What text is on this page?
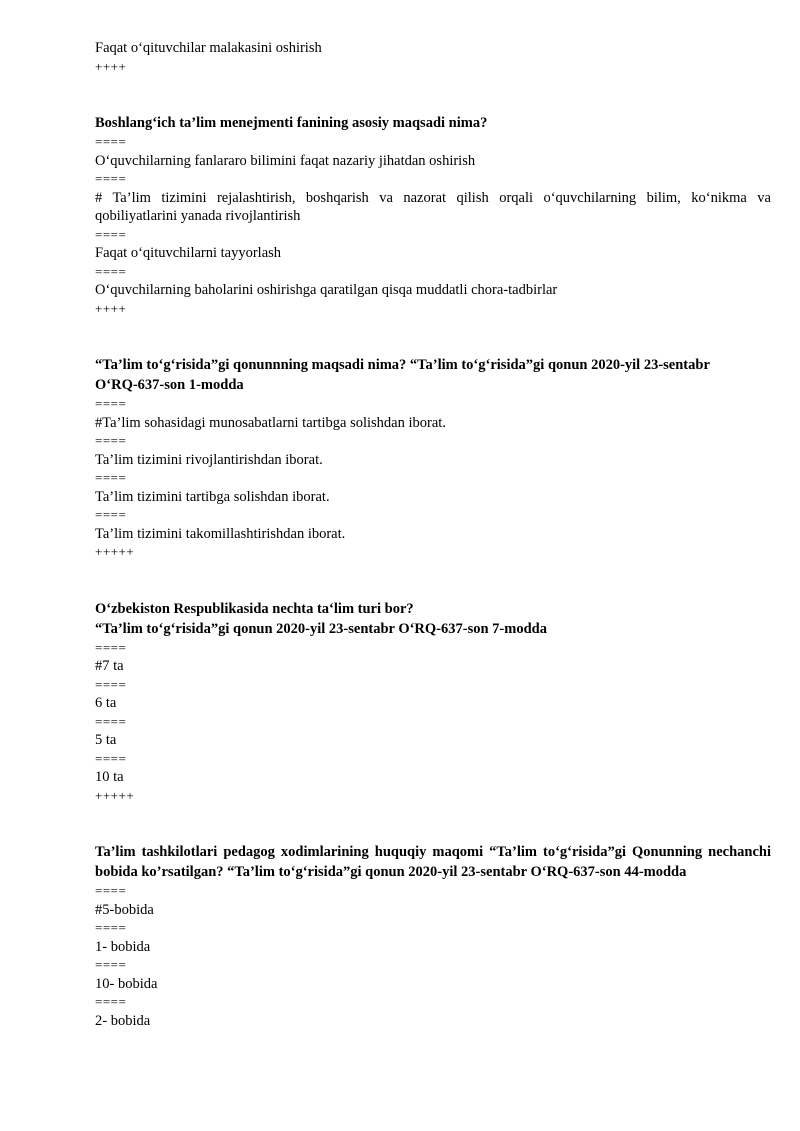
Faqat o‘qituvchilar malakasini oshirish

++++

Boshlang‘ich ta’lim menejmenti fanining asosiy maqsadi nima?

====

O‘quvchilarning fanlararo bilimini faqat nazariy jihatdan oshirish

====

# Ta’lim tizimini rejalashtirish, boshqarish va nazorat qilish orqali o‘quvchilarning bilim, ko‘nikma va qobiliyatlarini yanada rivojlantirish

====

Faqat o‘qituvchilarni tayyorlash

====

O‘quvchilarning baholarini oshirishga qaratilgan qisqa muddatli chora-tadbirlar

++++

“Ta’lim to‘g‘risida”gi qonunnning maqsadi nima? “Ta’lim to‘g‘risida”gi qonun 2020-yil 23-sentabr O‘RQ-637-son 1-modda

====

#Ta’lim sohasidagi munosabatlarni tartibga solishdan iborat.

====

Ta’lim tizimini rivojlantirishdan iborat.

====

Ta’lim tizimini tartibga solishdan iborat.

====

Ta’lim tizimini takomillashtirishdan iborat.

+++++

O‘zbekiston Respublikasida nechta ta‘lim turi bor?

“Ta’lim to‘g‘risida”gi qonun 2020-yil 23-sentabr O‘RQ-637-son 7-modda

====

#7 ta

====

6 ta

====

5 ta

====

10 ta

+++++

Ta’lim tashkilotlari pedagog xodimlarining huquqiy maqomi “Ta’lim to‘g‘risida”gi Qonunning nechanchi bobida ko’rsatilgan? “Ta’lim to‘g‘risida”gi qonun 2020-yil 23-sentabr O‘RQ-637-son 44-modda

====

#5-bobida

====

1- bobida

====

10- bobida

====

2- bobida
